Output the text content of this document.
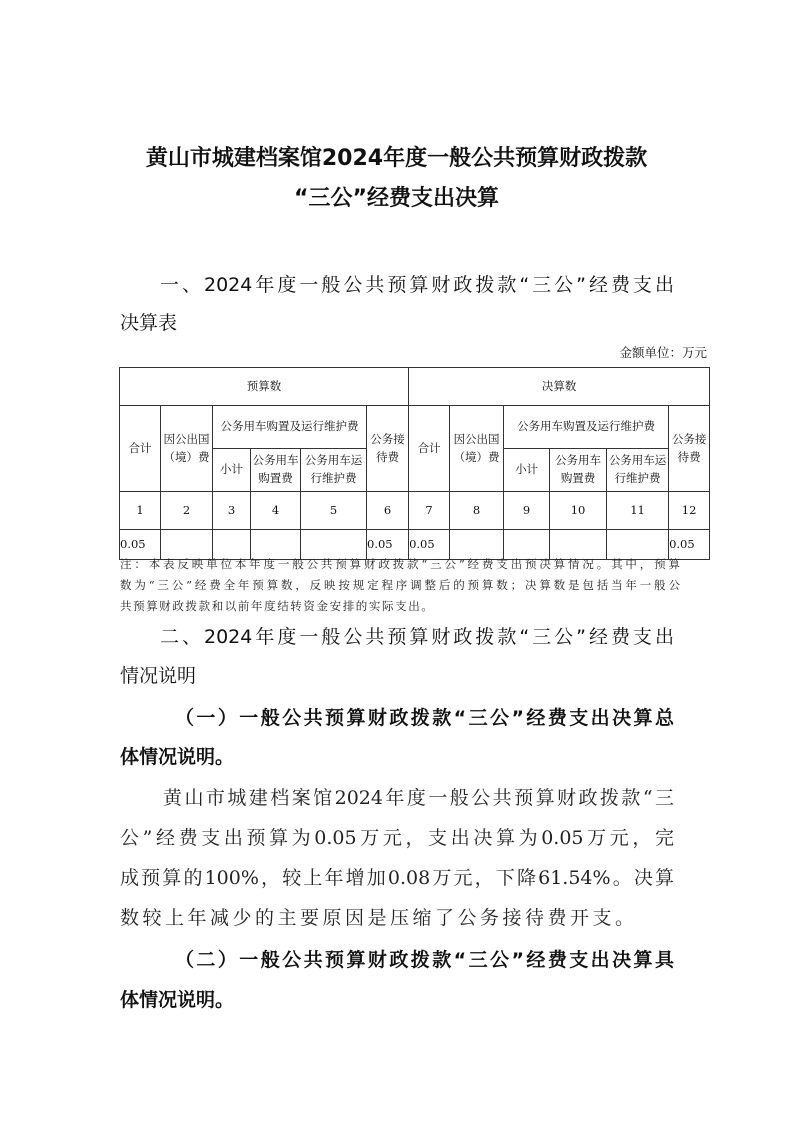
黄山市城建档案馆2024年度一般公共预算财政拨款
“三公”经费支出决算
一、2024年度一般公共预算财政拨款“三公”经费支出
决算表
金额单位：万元
预算数						决算数					
合计	因公出国（境）费	公务用车购置及运行维护费			公务接待费	合计	因公出国（境）费	公务用车购置及运行维护费			公务接待费
		小计	公务用车购置费	公务用车运行维护费				小计	公务用车购置费	公务用车运行维护费	
1	2	3	4	5	6	7	8	9	10	11	12
0.05					0.05	0.05					0.05
注：本表反映单位本年度一般公共预算财政拨款“三公”经费支出预决算情况。其中，预算
数为“三公”经费全年预算数，反映按规定程序调整后的预算数；决算数是包括当年一般公
共预算财政拨款和以前年度结转资金安排的实际支出。
二、2024年度一般公共预算财政拨款“三公”经费支出
情况说明
（一）一般公共预算财政拨款“三公”经费支出决算总
体情况说明。
黄山市城建档案馆2024年度一般公共预算财政拨款“三
公”经费支出预算为0.05万元，支出决算为0.05万元，完
成预算的100%，较上年增加0.08万元，下降61.54%。决算
数较上年减少的主要原因是压缩了公务接待费开支。
（二）一般公共预算财政拨款“三公”经费支出决算具
体情况说明。
